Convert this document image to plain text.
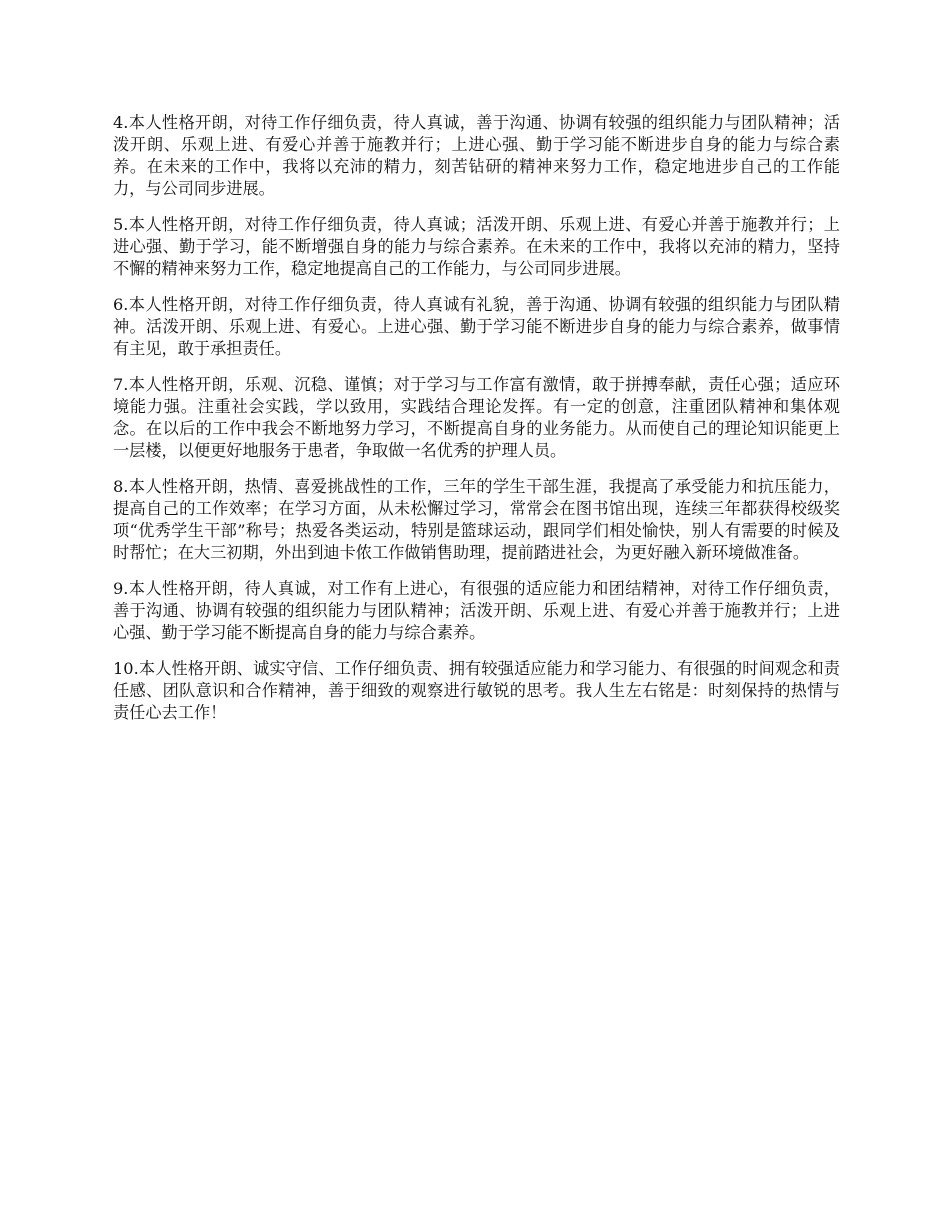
4.本人性格开朗，对待工作仔细负责，待人真诚，善于沟通、协调有较强的组织能力与团队精神；活泼开朗、乐观上进、有爱心并善于施教并行；上进心强、勤于学习能不断进步自身的能力与综合素养。在未来的工作中，我将以充沛的精力，刻苦钻研的精神来努力工作，稳定地进步自己的工作能力，与公司同步进展。

5.本人性格开朗，对待工作仔细负责，待人真诚；活泼开朗、乐观上进、有爱心并善于施教并行；上进心强、勤于学习，能不断增强自身的能力与综合素养。在未来的工作中，我将以充沛的精力，坚持不懈的精神来努力工作，稳定地提高自己的工作能力，与公司同步进展。

6.本人性格开朗，对待工作仔细负责，待人真诚有礼貌，善于沟通、协调有较强的组织能力与团队精神。活泼开朗、乐观上进、有爱心。上进心强、勤于学习能不断进步自身的能力与综合素养，做事情有主见，敢于承担责任。

7.本人性格开朗，乐观、沉稳、谨慎；对于学习与工作富有激情，敢于拼搏奉献，责任心强；适应环境能力强。注重社会实践，学以致用，实践结合理论发挥。有一定的创意，注重团队精神和集体观念。在以后的工作中我会不断地努力学习，不断提高自身的业务能力。从而使自己的理论知识能更上一层楼，以便更好地服务于患者，争取做一名优秀的护理人员。

8.本人性格开朗，热情、喜爱挑战性的工作，三年的学生干部生涯，我提高了承受能力和抗压能力，提高自己的工作效率；在学习方面，从未松懈过学习，常常会在图书馆出现，连续三年都获得校级奖项“优秀学生干部”称号；热爱各类运动，特别是篮球运动，跟同学们相处愉快，别人有需要的时候及时帮忙；在大三初期，外出到迪卡侬工作做销售助理，提前踏进社会，为更好融入新环境做准备。

9.本人性格开朗，待人真诚，对工作有上进心，有很强的适应能力和团结精神，对待工作仔细负责，善于沟通、协调有较强的组织能力与团队精神；活泼开朗、乐观上进、有爱心并善于施教并行；上进心强、勤于学习能不断提高自身的能力与综合素养。

10.本人性格开朗、诚实守信、工作仔细负责、拥有较强适应能力和学习能力、有很强的时间观念和责任感、团队意识和合作精神，善于细致的观察进行敏锐的思考。我人生左右铭是：时刻保持的热情与责任心去工作！
